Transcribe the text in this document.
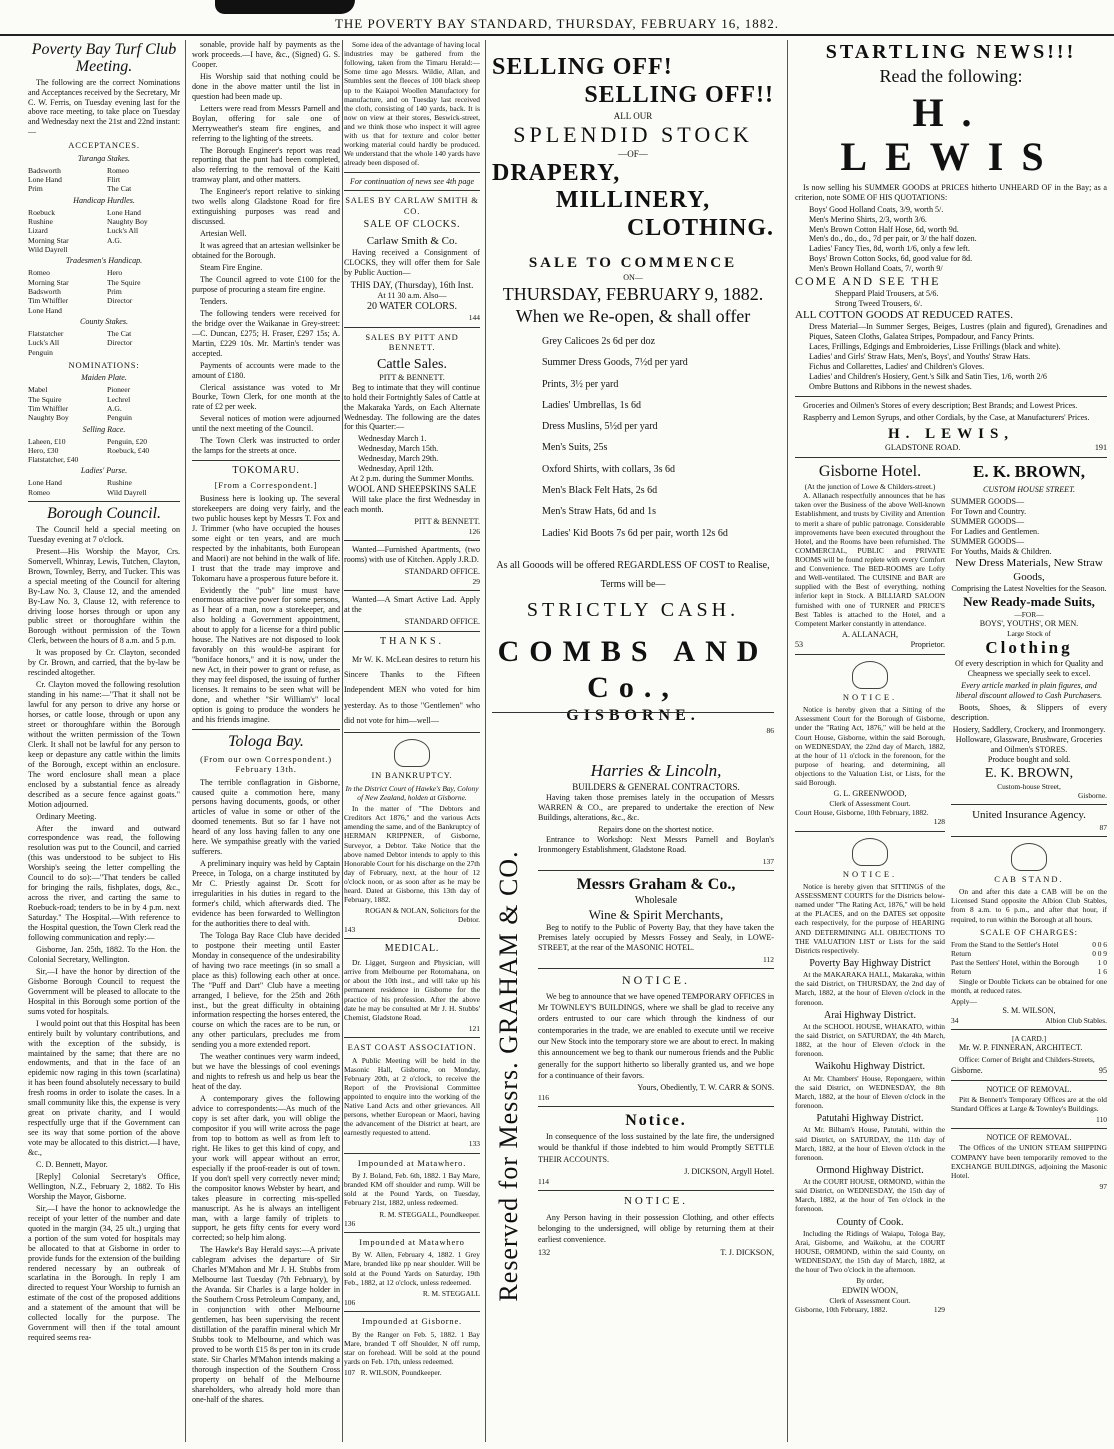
THE POVERTY BAY STANDARD, THURSDAY, FEBRUARY 16, 1882.
Poverty Bay Turf Club Meeting.

The following are the correct Nominations and Acceptances received by the Secretary, Mr C. W. Ferris, on Tuesday evening last for the above race meeting, to take place on Tuesday and Wednesday next the 21st and 22nd instant:—

ACCEPTANCES.
Turanga Stakes.
Badsworth	Romeo
Lone Hand	Flirt
Prim	The Cat
Handicap Hurdles.
Roebuck	Lone Hand
Rushine	Naughty Boy
Lizard	Luck's All
Morning Star	A.G.
Wild Dayrell
Tradesmen's Handicap.
Romeo	Hero
Morning Star	The Squire
Badsworth	Prim
Tim Whiffler	Director
Lone Hand
County Stakes.
Flatstatcher	The Cat
Luck's All	Director
Penguin
NOMINATIONS:
Maiden Plate.
Mabel	Pioneer
The Squire	Lechrel
Tim Whiffler	A.G.
Naughty Boy	Penguin
Selling Race.
Laheen, £10	Penguin, £20
Hero, £30	Roebuck, £40
Flatstatcher, £40
Ladies' Purse.
Lone Hand	Rushine
Romeo	Wild Dayrell
Borough Council.

The Council held a special meeting on Tuesday evening at 7 o'clock.

Present—His Worship the Mayor, Crs. Somervell, Whinray, Lewis, Tutchen, Clayton, Brown, Townley, Berry, and Tucker. This was a special meeting of the Council for altering By-Law No. 3, Clause 12, and the amended By-Law No. 3, Clause 12, with reference to driving loose horses through or upon any public street or thoroughfare within the Borough without permission of the Town Clerk, between the hours of 8 a.m. and 5 p.m.

It was proposed by Cr. Clayton, seconded by Cr. Brown, and carried, that the by-law be rescinded altogether.

Cr. Clayton moved the following resolution standing in his name:—"That it shall not be lawful for any person to drive any horse or horses, or cattle loose, through or upon any street or thoroughfare within the Borough without the written permission of the Town Clerk. It shall not be lawful for any person to keep or depasture any cattle within the limits of the Borough, except within an enclosure. The word enclosure shall mean a place enclosed by a substantial fence as already described as a secure fence against goats." Motion adjourned.

Ordinary Meeting.

After the inward and outward correspondence was read, the following resolution was put to the Council, and carried (this was understood to be subject to His Worship's seeing the letter compelling the Council to do so):—"That tenders be called for bringing the rails, fishplates, dogs, &c., across the river, and carting the same to Roebuck-road; tenders to be in by 4 p.m. next Saturday." The Hospital.—With reference to the Hospital question, the Town Clerk read the following communication and reply:—

Gisborne, Jan. 25th, 1882. To the Hon. the Colonial Secretary, Wellington.

Sir,—I have the honor by direction of the Gisborne Borough Council to request the Government will be pleased to allocate to the Hospital in this Borough some portion of the sums voted for hospitals.

I would point out that this Hospital has been entirely built by voluntary contributions, and with the exception of the subsidy, is maintained by the same; that there are no endowments, and that in the face of an epidemic now raging in this town (scarlatina) it has been found absolutely necessary to build fresh rooms in order to isolate the cases. In a small community like this, the expense is very great on private charity, and I would respectfully urge that if the Government can see its way that some portion of the above vote may be allocated to this district.—I have, &c.,

C. D. Bennett, Mayor.

[Reply] Colonial Secretary's Office, Wellington, N.Z., February 2, 1882. To His Worship the Mayor, Gisborne.

Sir,—I have the honor to acknowledge the receipt of your letter of the number and date quoted in the margin (34, 25 ult.,) urging that a portion of the sum voted for hospitals may be allocated to that at Gisborne in order to provide funds for the extension of the building rendered necessary by an outbreak of scarlatina in the Borough. In reply I am directed to request Your Worship to furnish an estimate of the cost of the proposed additions and a statement of the amount that will be collected locally for the purpose. The Government will then if the total amount required seems rea-

sonable, provide half by payments as the work proceeds.—I have, &c., (Signed) G. S. Cooper.

His Worship said that nothing could be done in the above matter until the list in question had been made up.

Letters were read from Messrs Parnell and Boylan, offering for sale one of Merryweather's steam fire engines, and referring to the lighting of the streets.

The Borough Engineer's report was read reporting that the punt had been completed, also referring to the removal of the Kaiti tramway plant, and other matters.

The Engineer's report relative to sinking two wells along Gladstone Road for fire extinguishing purposes was read and discussed.

Artesian Well.

It was agreed that an artesian wellsinker be obtained for the Borough.

Steam Fire Engine.

The Council agreed to vote £100 for the purpose of procuring a steam fire engine.

Tenders.

The following tenders were received for the bridge over the Waikanae in Grey-street:—C. Duncan, £275; H. Fraser, £297 15s; A. Martin, £229 10s. Mr. Martin's tender was accepted.

Payments of accounts were made to the amount of £180.

Clerical assistance was voted to Mr Bourke, Town Clerk, for one month at the rate of £2 per week.

Several notices of motion were adjourned until the next meeting of the Council.

The Town Clerk was instructed to order the lamps for the streets at once.

TOKOMARU.
[From a Correspondent.]

Business here is looking up. The several storekeepers are doing very fairly, and the two public houses kept by Messrs T. Fox and J. Trimmer (who have occupied the houses some eight or ten years, and are much respected by the inhabitants, both European and Maori) are not behind in the walk of life. I trust that the trade may improve and Tokomaru have a prosperous future before it.

Evidently the "pub" line must have enormous attractive power for some persons, as I hear of a man, now a storekeeper, and also holding a Government appointment, about to apply for a license for a third public house. The Natives are not disposed to look favorably on this would-be aspirant for "boniface honors," and it is now, under the new Act, in their power to grant or refuse, as they may feel disposed, the issuing of further licenses. It remains to be seen what will be done, and whether "Sir William's" local option is going to produce the wonders he and his friends imagine.

Tologa Bay.
(From our own Correspondent.) February 13th.

The terrible conflagration in Gisborne, caused quite a commotion here, many persons having documents, goods, or other articles of value in some or other of the doomed tenements. But so far I have not heard of any loss having fallen to any one here. We sympathise greatly with the varied sufferers.

A preliminary inquiry was held by Captain Preece, in Tologa, on a charge instituted by Mr C. Priestly against Dr. Scott for irregularities in his duties in regard to the former's child, which afterwards died. The evidence has been forwarded to Wellington for the authorities there to deal with.

The Tologa Bay Race Club have decided to postpone their meeting until Easter Monday in consequence of the undesirability of having two race meetings (in so small a place as this) following each other at once. The "Puff and Dart" Club have a meeting arranged, I believe, for the 25th and 26th inst., but the great difficulty in obtaining information respecting the horses entered, the course on which the races are to be run, or any other particulars, precludes me from sending you a more extended report.

The weather continues very warm indeed, but we have the blessings of cool evenings and nights to refresh us and help us bear the heat of the day.

A contemporary gives the following advice to correspondents:—As much of the copy is set after dark, you will oblige the compositor if you will write across the page from top to bottom as well as from left to right. He likes to get this kind of copy, and your work will appear without an error, especially if the proof-reader is out of town. If you don't spell very correctly never mind; the compositor knows Webster by heart, and takes pleasure in correcting mis-spelled manuscript. As he is always an intelligent man, with a large family of triplets to support, he gets fifty cents for every word corrected; so help him along.

The Hawke's Bay Herald says:—A private cablegram advises the departure of Sir Charles M'Mahon and Mr J. H. Stubbs from Melbourne last Tuesday (7th February), by the Avanda. Sir Charles is a large holder in the Southern Cross Petroleum Company, and, in conjunction with other Melbourne gentlemen, has been supervising the recent distillation of the paraffin mineral which Mr Stubbs took to Melbourne, and which was proved to be worth £15 8s per ton in its crude state. Sir Charles M'Mahon intends making a thorough inspection of the Southern Cross property on behalf of the Melbourne shareholders, who already hold more than one-half of the shares.

Some idea of the advantage of having local industries may be gathered from the following, taken from the Timaru Herald:—Some time ago Messrs. Wildie, Allan, and Stumbles sent the fleeces of 100 black sheep up to the Kaiapoi Woollen Manufactory for manufacture, and on Tuesday last received the cloth, consisting of 140 yards, back. It is now on view at their stores, Beswick-street, and we think those who inspect it will agree with us that for texture and color better working material could hardly be produced. We understand that the whole 140 yards have already been disposed of.

For continuation of news see 4th page
SALES BY CARLAW SMITH & CO.
SALE OF CLOCKS.
Carlaw Smith & Co.

Having received a Consignment of CLOCKS, they will offer them for Sale by Public Auction—

THIS DAY, (Thursday), 16th Inst.
At 11 30 a.m. Also—
20 WATER COLORS.
144
SALES BY PITT AND BENNETT.
Cattle Sales.
PITT & BENNETT.

Beg to intimate that they will continue to hold their Fortnightly Sales of Cattle at the Makaraka Yards, on Each Alternate Wednesday. The following are the dates for this Quarter:—

Wednesday March 1.
Wednesday, March 15th.
Wednesday, March 29th.
Wednesday, April 12th.
At 2 p.m. during the Summer Months.
WOOL AND SHEEPSKINS SALE

Will take place the first Wednesday in each month.

PITT & BENNETT.
126

Wanted—Furnished Apartments, (two rooms) with use of Kitchen. Apply J.R.D.

STANDARD OFFICE.
29

Wanted—A Smart Active Lad. Apply at the

STANDARD OFFICE.
THANKS.

Mr W. K. McLean desires to return his Sincere Thanks to the Fifteen Independent MEN who voted for him yesterday. As to those "Gentlemen" who did not vote for him—well—

IN BANKRUPTCY.
In the District Court of Hawke's Bay, Colony of New Zealand, holden at Gisborne.

In the matter of "The Debtors and Creditors Act 1876," and the various Acts amending the same, and of the Bankruptcy of HERMAN KRIPPNER, of Gisborne, Surveyor, a Debtor. Take Notice that the above named Debtor intends to apply to this Honorable Court for his discharge on the 27th day of February, next, at the hour of 12 o'clock noon, or as soon after as he may be heard. Dated at Gisborne, this 13th day of February, 1882.

ROGAN & NOLAN, Solicitors for the Debtor.
143
MEDICAL.

Dr. Ligget, Surgeon and Physician, will arrive from Melbourne per Rotomahana, on or about the 10th inst., and will take up his permanent residence in Gisborne for the practice of his profession. After the above date he may be consulted at Mr J. H. Stubbs' Chemist, Gladstone Road.

121
EAST COAST ASSOCIATION.

A Public Meeting will be held in the Masonic Hall, Gisborne, on Monday, February 20th, at 2 o'clock, to receive the Report of the Provisional Committee appointed to enquire into the working of the Native Land Acts and other grievances. All persons, whether European or Maori, having the advancement of the District at heart, are earnestly requested to attend.

133
Impounded at Matawhero.

By J. Boland, Feb. 6th, 1882. 1 Bay Mare, branded KM off shoulder and rump. Will be sold at the Pound Yards, on Tuesday, February 21st, 1882, unless redeemed.

R. M. STEGGALL, Poundkeeper.
136
Impounded at Matawhero

By W. Allen, February 4, 1882. 1 Grey Mare, branded like pp near shoulder. Will be sold at the Pound Yards on Saturday, 19th Feb., 1882, at 12 o'clock, unless redeemed.

R. M. STEGGALL
106
Impounded at Gisborne.

By the Ranger on Feb. 5, 1882. 1 Bay Mare, branded T off Shoulder, N off rump, star on forehead. Will be sold at the pound yards on Feb. 17th, unless redeemed.

107 R. WILSON, Poundkeeper.
SELLING OFF!
SELLING OFF!!
ALL OUR
SPLENDID STOCK
—OF—
DRAPERY,
MILLINERY,
CLOTHING.
SALE TO COMMENCE
ON—
THURSDAY, FEBRUARY 9, 1882.
When we Re-open, & shall offer
Grey Calicoes 2s 6d per doz
Summer Dress Goods, 7½d per yard
Prints, 3½ per yard
Ladies' Umbrellas, 1s 6d
Dress Muslins, 5½d per yard
Men's Suits, 25s
Oxford Shirts, with collars, 3s 6d
Men's Black Felt Hats, 2s 6d
Men's Straw Hats, 6d and 1s
Ladies' Kid Boots 7s 6d per pair, worth 12s 6d
As all Gooods will be offered REGARDLESS OF COST to Realise, Terms will be—
STRICTLY CASH.
COMBS AND Co.,
GISBORNE.
86
Reserved for Messrs. GRAHAM & CO.
Harries & Lincoln,
BUILDERS & GENERAL CONTRACTORS.

Having taken those premises lately in the occupation of Messrs WARREN & CO., are prepared to undertake the erection of New Buildings, alterations, &c., &c.

Repairs done on the shortest notice.

Entrance to Workshop: Next Messrs Parnell and Boylan's Ironmongery Establishment, Gladstone Road.

137
Messrs Graham & Co.,
Wholesale
Wine & Spirit Merchants,

Beg to notify to the Public of Poverty Bay, that they have taken the Premises lately occupied by Messrs Fossey and Sealy, in LOWE-STREET, at the rear of the MASONIC HOTEL.

112
NOTICE.

We beg to announce that we have opened TEMPORARY OFFICES in Mr TOWNLEY'S BUILDINGS, where we shall be glad to receive any orders entrusted to our care which through the kindness of our contemporaries in the trade, we are enabled to execute until we receive our New Stock into the temporary store we are about to erect. In making this announcement we beg to thank our numerous friends and the Public generally for the support hitherto so liberally granted us, and we hope for a continuance of their favors.

Yours, Obediently, T. W. CARR & SONS.
116
Notice.

In consequence of the loss sustained by the late fire, the undersigned would be thankful if those indebted to him would Promptly SETTLE THEIR ACCOUNTS.

J. DICKSON, Argyll Hotel.
114
NOTICE.

Any Person having in their possession Clothing, and other effects belonging to the undersigned, will oblige by returning them at their earliest convenience.

132	T. J. DICKSON,
STARTLING NEWS!!!
Read the following:
H. LEWIS

Is now selling his SUMMER GOODS at PRICES hitherto UNHEARD OF in the Bay; as a criterion, note SOME OF HIS QUOTATIONS:

Boys' Good Holland Coats, 3/9, worth 5/.
Men's Merino Shirts, 2/3, worth 3/6.
Men's Brown Cotton Half Hose, 6d, worth 9d.
Men's do., do., do., 7d per pair, or 3/ the half dozen.
Ladies' Fancy Ties, 8d, worth 1/6, only a few left.
Boys' Brown Cotton Socks, 6d, good value for 8d.
Men's Brown Holland Coats, 7/, worth 9/
COME AND SEE THE
Sheppard Plaid Trousers, at 5/6.
Strong Tweed Trousers, 6/.
ALL COTTON GOODS AT REDUCED RATES.
Dress Material—In Summer Serges, Beiges, Lustres (plain and figured), Grenadines and Piques, Sateen Cloths, Galatea Stripes, Pompadour, and Fancy Prints.
Laces, Frillings, Edgings and Embroideries, Lisse Frillings (black and white).
Ladies' and Girls' Straw Hats, Men's, Boys', and Youths' Straw Hats.
Fichus and Collarettes, Ladies' and Children's Gloves.
Ladies' and Children's Hosiery, Gent.'s Silk and Satin Ties, 1/6, worth 2/6
Ombre Buttons and Ribbons in the newest shades.

Groceries and Oilmen's Stores of every description; Best Brands; and Lowest Prices.

Raspberry and Lemon Syrups, and other Cordials, by the Case, at Manufacturers' Prices.

H. LEWIS,
GLADSTONE ROAD.	191
Gisborne Hotel.
(At the junction of Lowe & Childers-street.)

A. Allanach respectfully announces that he has taken over the Business of the above Well-known Establishment, and trusts by Civility and Attention to merit a share of public patronage. Considerable improvements have been executed throughout the Hotel, and the Rooms have been refurnished. The COMMERCIAL, PUBLIC and PRIVATE ROOMS will be found replete with every Comfort and Convenience. The BED-ROOMS are Lofty and Well-ventilated. The CUISINE and BAR are supplied with the Best of everything, nothing inferior kept in Stock. A BILLIARD SALOON furnished with one of TURNER and PRICE'S Best Tables is attached to the Hotel, and a Competent Marker constantly in attendance.

A. ALLANACH,
53	Proprietor.
NOTICE.

Notice is hereby given that a Sitting of the Assessment Court for the Borough of Gisborne, under the "Rating Act, 1876," will be held at the Court House, Gisborne, within the said Borough, on WEDNESDAY, the 22nd day of March, 1882, at the hour of 11 o'clock in the forenoon, for the purpose of hearing, and determining, all objections to the Valuation List, or Lists, for the said Borough.

G. L. GREENWOOD,
Clerk of Assessment Court.
Court House, Gisborne, 10th February, 1882.
128
NOTICE.

Notice is hereby given that SITTINGS of the ASSESSMENT COURTS for the Districts below-named under "The Rating Act, 1876," will be held at the PLACES, and on the DATES set opposite each respectively, for the purpose of HEARING AND DETERMINING ALL OBJECTIONS TO THE VALUATION LIST or Lists for the said Districts respectively.

Poverty Bay Highway District

At the MAKARAKA HALL, Makaraka, within the said District, on THURSDAY, the 2nd day of March, 1882, at the hour of Eleven o'clock in the forenoon.

Arai Highway District.

At the SCHOOL HOUSE, WHAKATO, within the said District, on SATURDAY, the 4th March, 1882, at the hour of Eleven o'clock in the forenoon.

Waikohu Highway District.

At Mr. Chambers' House, Repongaere, within the said District, on WEDNESDAY, the 8th March, 1882, at the hour of Eleven o'clock in the forenoon.

Patutahi Highway District.

At Mr. Bilham's House, Patutahi, within the said District, on SATURDAY, the 11th day of March, 1882, at the hour of Eleven o'clock in the forenoon.

Ormond Highway District.

At the COURT HOUSE, ORMOND, within the said District, on WEDNESDAY, the 15th day of March, 1882, at the hour of Ten o'clock in the forenoon.

County of Cook.

Including the Ridings of Waiapu, Tologa Bay, Arai, Gisborne, and Waikohu, at the COURT HOUSE, ORMOND, within the said County, on WEDNESDAY, the 15th day of March, 1882, at the hour of Two o'clock in the afternoon.

By order,
EDWIN WOON,
Clerk of Assessment Court.
Gisborne, 10th February, 1882.	129
E. K. BROWN,
CUSTOM HOUSE STREET.
SUMMER GOODS—
For Town and Country.
SUMMER GOODS—
For Ladies and Gentlemen.
SUMMER GOODS—
For Youths, Maids & Children.
New Dress Materials, New Straw Goods,
Comprising the Latest Novelties for the Season.
New Ready-made Suits,
—FOR—
BOYS', YOUTHS', OR MEN.
Large Stock of
Clothing
Of every description in which for Quality and Cheapness we specially seek to excel.
Every article marked in plain figures, and liberal discount allowed to Cash Purchasers.

Boots, Shoes, & Slippers of every description.

Hosiery, Saddlery, Crockery, and Ironmongery.
Holloware, Glassware, Brushware, Groceries and Oilmen's STORES.
Produce bought and sold.
E. K. BROWN,
Custom-house Street,
Gisborne.
United Insurance Agency.
87
CAB STAND.

On and after this date a CAB will be on the Licensed Stand opposite the Albion Club Stables, from 8 a.m. to 6 p.m., and after that hour, if required, to run within the Borough at all hours.

SCALE OF CHARGES:
From the Stand to the Settler's Hotel	0 0 6
Return	0 0 9
Past the Settlers' Hotel, within the Borough	1 0
Return	1 6

Single or Double Tickets can be obtained for one month, at reduced rates.

Apply—
S. M. WILSON,
34	Albion Club Stables.
[A CARD.]

Mr. W. P. FINNERAN, ARCHITECT.

Office: Corner of Bright and Childers-Streets,

Gisborne.	95
NOTICE OF REMOVAL.

Pitt & Bennett's Temporary Offices are at the old Standard Offices at Large & Townley's Buildings.

110
NOTICE OF REMOVAL.

The Offices of the UNION STEAM SHIPPING COMPANY have been temporarily removed to the EXCHANGE BUILDINGS, adjoining the Masonic Hotel.

97
